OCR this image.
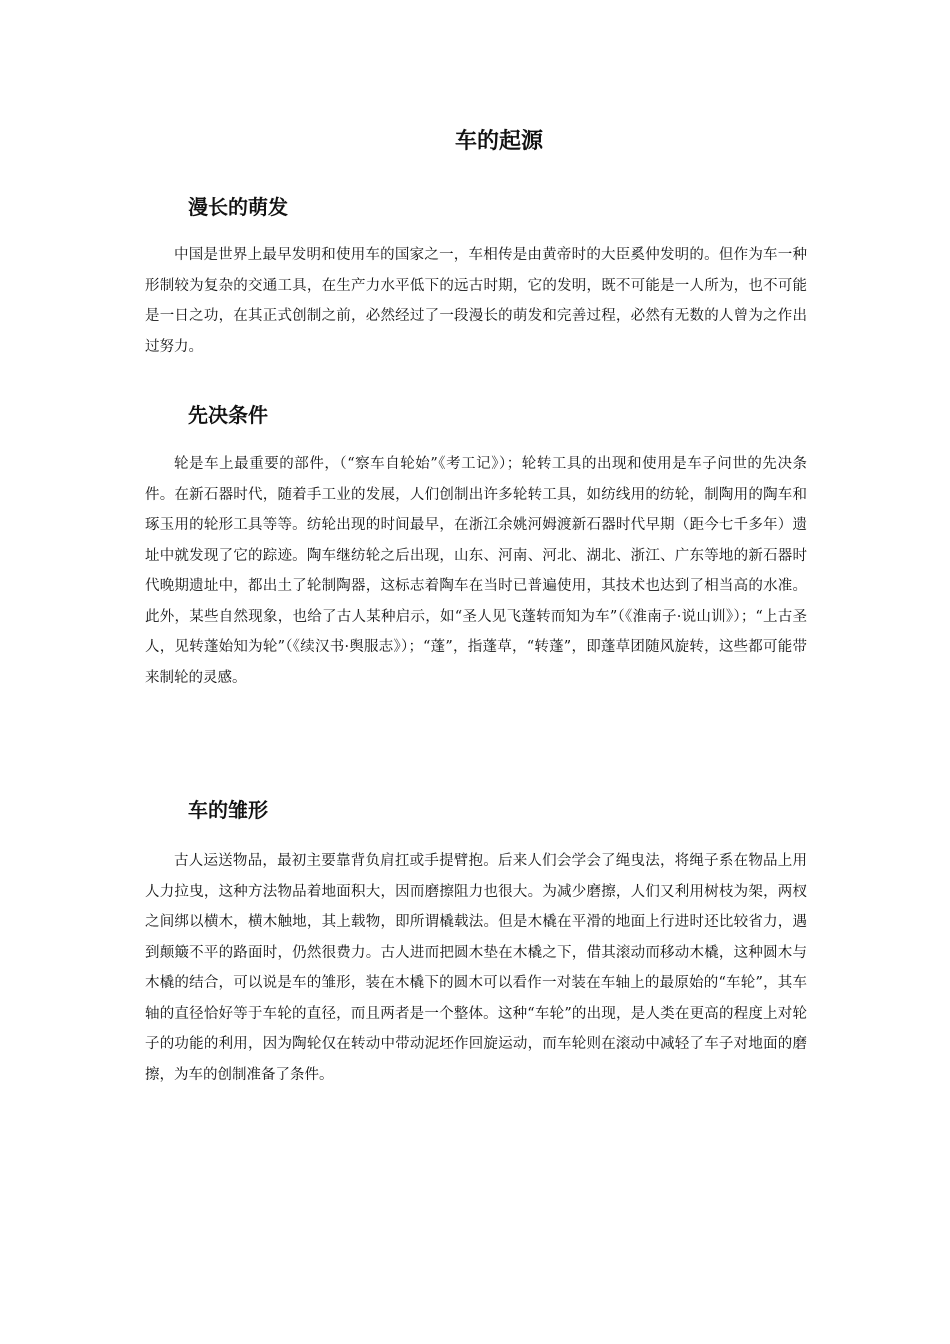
车的起源
漫长的萌发

中国是世界上最早发明和使用车的国家之一，车相传是由黄帝时的大臣奚仲发明的。但作为车一种形制较为复杂的交通工具，在生产力水平低下的远古时期，它的发明，既不可能是一人所为，也不可能是一日之功，在其正式创制之前，必然经过了一段漫长的萌发和完善过程，必然有无数的人曾为之作出过努力。

先决条件

轮是车上最重要的部件，（“察车自轮始”《考工记》）；轮转工具的出现和使用是车子问世的先决条件。在新石器时代，随着手工业的发展，人们创制出许多轮转工具，如纺线用的纺轮，制陶用的陶车和琢玉用的轮形工具等等。纺轮出现的时间最早，在浙江余姚河姆渡新石器时代早期（距今七千多年）遗址中就发现了它的踪迹。陶车继纺轮之后出现，山东、河南、河北、湖北、浙江、广东等地的新石器时代晚期遗址中，都出土了轮制陶器，这标志着陶车在当时已普遍使用，其技术也达到了相当高的水准。此外，某些自然现象，也给了古人某种启示，如“圣人见飞蓬转而知为车”（《淮南子·说山训》）；“上古圣人，见转蓬始知为轮”（《续汉书·舆服志》）；“蓬”，指蓬草，“转蓬”，即蓬草团随风旋转，这些都可能带来制轮的灵感。

车的雏形

古人运送物品，最初主要靠背负肩扛或手提臂抱。后来人们会学会了绳曳法，将绳子系在物品上用人力拉曳，这种方法物品着地面积大，因而磨擦阻力也很大。为减少磨擦，人们又利用树枝为架，两杈之间绑以横木，横木触地，其上载物，即所谓橇载法。但是木橇在平滑的地面上行进时还比较省力，遇到颠簸不平的路面时，仍然很费力。古人进而把圆木垫在木橇之下，借其滚动而移动木橇，这种圆木与木橇的结合，可以说是车的雏形，装在木橇下的圆木可以看作一对装在车轴上的最原始的“车轮”，其车轴的直径恰好等于车轮的直径，而且两者是一个整体。这种“车轮”的出现，是人类在更高的程度上对轮子的功能的利用，因为陶轮仅在转动中带动泥坯作回旋运动，而车轮则在滚动中减轻了车子对地面的磨擦，为车的创制准备了条件。
